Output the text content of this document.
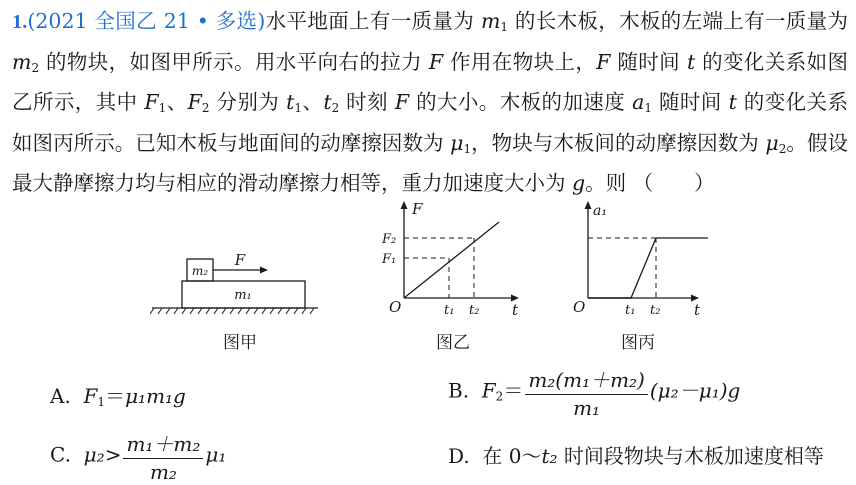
1.(2021 全国乙 21 • 多选)水平地面上有一质量为 $m_1$ 的长木板，木板的左端上有一质量为 $m_2$ 的物块，如图甲所示。用水平向右的拉力 F 作用在物块上，F 随时间 t 的变化关系如图乙所示，其中 $F_1$、$F_2$ 分别为 $t_1$、$t_2$ 时刻 F 的大小。木板的加速度 $a_1$ 随时间 t 的变化关系如图丙所示。已知木板与地面间的动摩擦因数为 $\mu_1$，物块与木板间的动摩擦因数为 $\mu_2$。假设最大静摩擦力均与相应的滑动摩擦力相等，重力加速度大小为 g。则 （　　）
m₂
F
m₁
图甲
F
t
O
F₂
F₁
t₁ t₂
图乙
a₁
t
O	t₁ t₂
图丙
A. $F_1=\mu_1m_1g$	B. $F_2= \frac{\text{m₂(m₁＋m₂)}}{\text{m₁}} (\mu_2-\mu_1)g$
C. $\mu_2> \frac{\text{m₁＋m₂}}{\text{m₂}} \mu_1$	D. 在 0～t₂ 时间段物块与木板加速度相等
